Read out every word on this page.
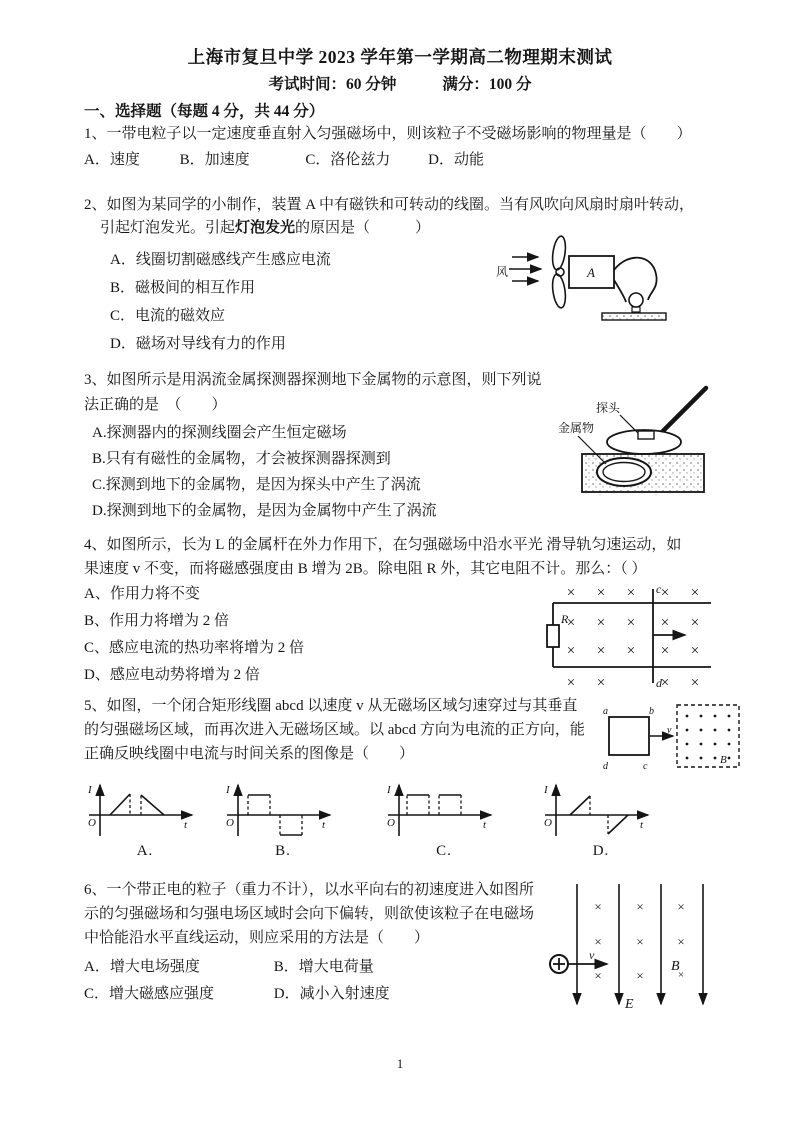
上海市复旦中学 2023 学年第一学期高二物理期末测试
考试时间：60 分钟	满分：100 分
一、选择题（每题 4 分，共 44 分）
1、一带电粒子以一定速度垂直射入匀强磁场中，则该粒子不受磁场影响的物理量是（　　）
A．速度	B．加速度	C．洛伦兹力	D．动能
2、如图为某同学的小制作，装置 A 中有磁铁和可转动的线圈。当有风吹向风扇时扇叶转动，
引起灯泡发光。引起灯泡发光的原因是（　　　）
A．线圈切割磁感线产生感应电流
B．磁极间的相互作用
C．电流的磁效应
D．磁场对导线有力的作用
风	A
3、如图所示是用涡流金属探测器探测地下金属物的示意图，则下列说
法正确的是　（　　）
A.探测器内的探测线圈会产生恒定磁场
B.只有有磁性的金属物，才会被探测器探测到
C.探测到地下的金属物，是因为探头中产生了涡流
D.探测到地下的金属物，是因为金属物中产生了涡流
探头
金属物
4、如图所示，长为 L 的金属杆在外力作用下，在匀强磁场中沿水平光 滑导轨匀速运动，如
果速度 v 不变，而将磁感强度由 B 增为 2B。除电阻 R 外，其它电阻不计。那么：（ ）
A、作用力将不变
B、作用力将增为 2 倍
C、感应电流的热功率将增为 2 倍
D、感应电动势将增为 2 倍
× × × × ×
× × × × ×
× × × × ×
× ×	× ×
R
c
d
5、如图，一个闭合矩形线圈 abcd 以速度 v 从无磁场区域匀速穿过与其垂直
的匀强磁场区域，而再次进入无磁场区域。以 abcd 方向为电流的正方向，能
正确反映线圈中电流与时间关系的图像是（　　）
a	b
d	c
v
B
I
O	t
A.
I
O	t
B.
I
O	t
C.
I
O	t
D.
6、一个带正电的粒子（重力不计），以水平向右的初速度进入如图所
示的匀强磁场和匀强电场区域时会向下偏转，则欲使该粒子在电磁场
中恰能沿水平直线运动，则应采用的方法是（　　）
A．增大电场强度	B．增大电荷量
C．增大磁感应强度	D．减小入射速度
×	×	×
×	×	×
×	×	×
v
B
E
1
